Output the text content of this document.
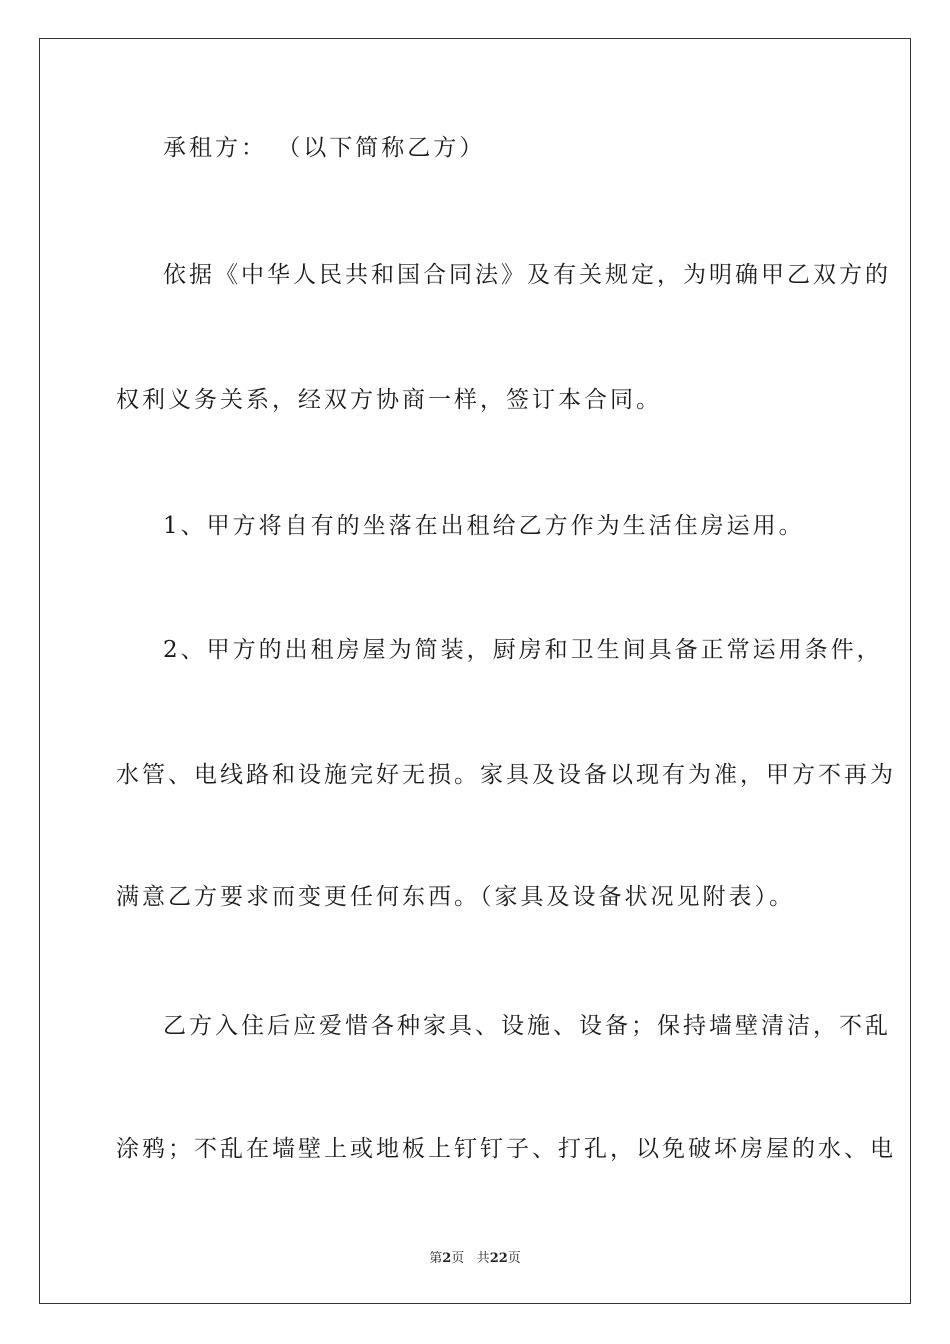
承租方： （以下简称乙方）
依据《中华人民共和国合同法》及有关规定，为明确甲乙双方的
权利义务关系，经双方协商一样，签订本合同。
1、甲方将自有的坐落在出租给乙方作为生活住房运用。
2、甲方的出租房屋为简装，厨房和卫生间具备正常运用条件，
水管、电线路和设施完好无损。家具及设备以现有为准，甲方不再为
满意乙方要求而变更任何东西。（家具及设备状况见附表）。
乙方入住后应爱惜各种家具、设施、设备；保持墙壁清洁，不乱
涂鸦；不乱在墙壁上或地板上钉钉子、打孔，以免破坏房屋的水、电
第2页 共22页
